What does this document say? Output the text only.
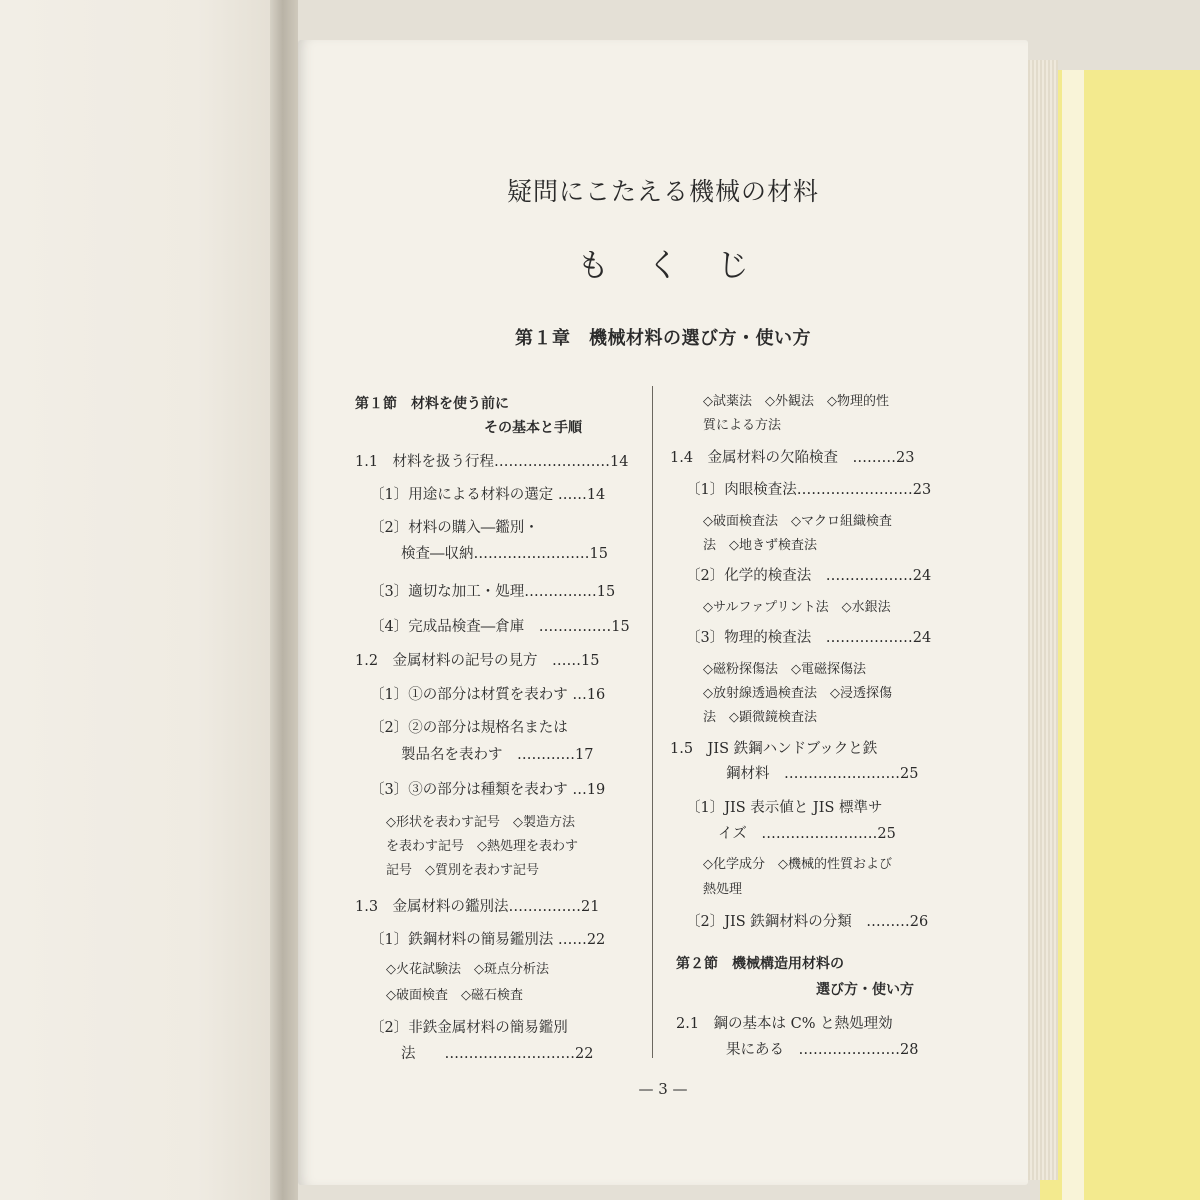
疑問にこたえる機械の材料
もくじ
第１章　機械材料の選び方・使い方
第１節　材料を使う前に
その基本と手順
1.1　材料を扱う行程……………………14
〔1〕用途による材料の選定 ……14
〔2〕材料の購入―鑑別・
検査―収納……………………15
〔3〕適切な加工・処理……………15
〔4〕完成品検査―倉庫　……………15
1.2　金属材料の記号の見方　……15
〔1〕①の部分は材質を表わす …16
〔2〕②の部分は規格名または
製品名を表わす　…………17
〔3〕③の部分は種類を表わす …19
◇形状を表わす記号　◇製造方法
を表わす記号　◇熱処理を表わす
記号　◇質別を表わす記号
1.3　金属材料の鑑別法……………21
〔1〕鉄鋼材料の簡易鑑別法 ……22
◇火花試験法　◇斑点分析法
◇破面検査　◇磁石検査
〔2〕非鉄金属材料の簡易鑑別
法　　………………………22
◇試薬法　◇外観法　◇物理的性
質による方法
1.4　金属材料の欠陥検査　………23
〔1〕肉眼検査法……………………23
◇破面検査法　◇マクロ組織検査
法　◇地きず検査法
〔2〕化学的検査法　………………24
◇サルファプリント法　◇水銀法
〔3〕物理的検査法　………………24
◇磁粉探傷法　◇電磁探傷法
◇放射線透過検査法　◇浸透探傷
法　◇顕微鏡検査法
1.5　JIS 鉄鋼ハンドブックと鉄
鋼材料　……………………25
〔1〕JIS 表示値と JIS 標準サ
イズ　……………………25
◇化学成分　◇機械的性質および
熱処理
〔2〕JIS 鉄鋼材料の分類　………26
第２節　機械構造用材料の
選び方・使い方
2.1　鋼の基本は C% と熱処理効
果にある　…………………28
— 3 —
